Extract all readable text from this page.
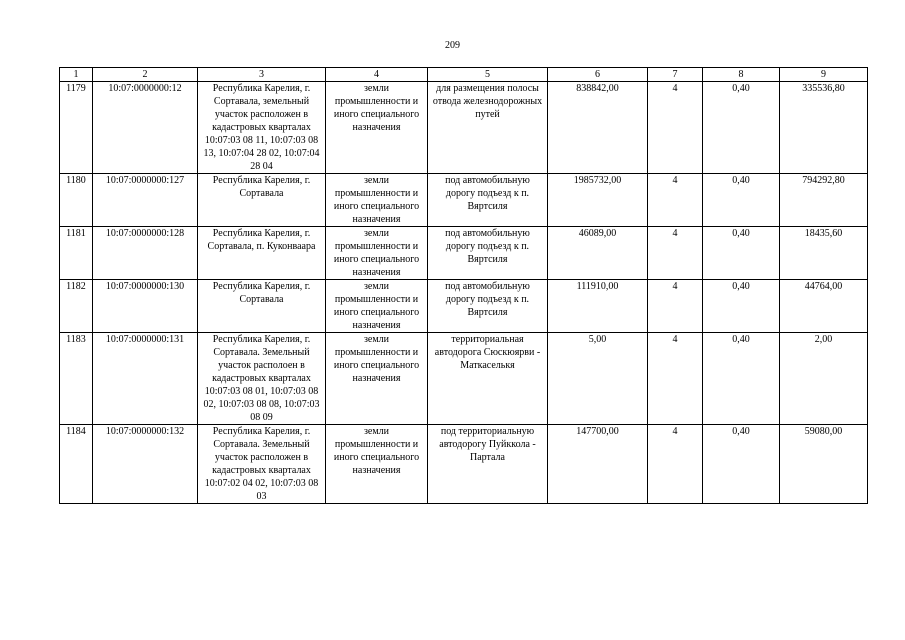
209
1	2	3	4	5	6	7	8	9
1179	10:07:0000000:12	Республика Карелия, г. Сортавала, земельный участок расположен в кадастровых кварталах 10:07:03 08 11, 10:07:03 08 13, 10:07:04 28 02, 10:07:04 28 04	земли промышленности и иного специального назначения	для размещения полосы отвода железнодорожных путей	838842,00	4	0,40	335536,80
1180	10:07:0000000:127	Республика Карелия, г. Сортавала	земли промышленности и иного специального назначения	под автомобильную дорогу подъезд к п. Вяртсиля	1985732,00	4	0,40	794292,80
1181	10:07:0000000:128	Республика Карелия, г. Сортавала, п. Куконваара	земли промышленности и иного специального назначения	под автомобильную дорогу подъезд к п. Вяртсиля	46089,00	4	0,40	18435,60
1182	10:07:0000000:130	Республика Карелия, г. Сортавала	земли промышленности и иного специального назначения	под автомобильную дорогу подъезд к п. Вяртсиля	111910,00	4	0,40	44764,00
1183	10:07:0000000:131	Республика Карелия, г. Сортавала. Земельный участок располоен в кадастровых кварталах 10:07:03 08 01, 10:07:03 08 02, 10:07:03 08 08, 10:07:03 08 09	земли промышленности и иного специального назначения	территориальная автодорога Сюскюярви - Маткаселькя	5,00	4	0,40	2,00
1184	10:07:0000000:132	Республика Карелия, г. Сортавала. Земельный участок расположен в кадастровых кварталах 10:07:02 04 02, 10:07:03 08 03	земли промышленности и иного специального назначения	под территориальную автодорогу Пуйккола - Партала	147700,00	4	0,40	59080,00
